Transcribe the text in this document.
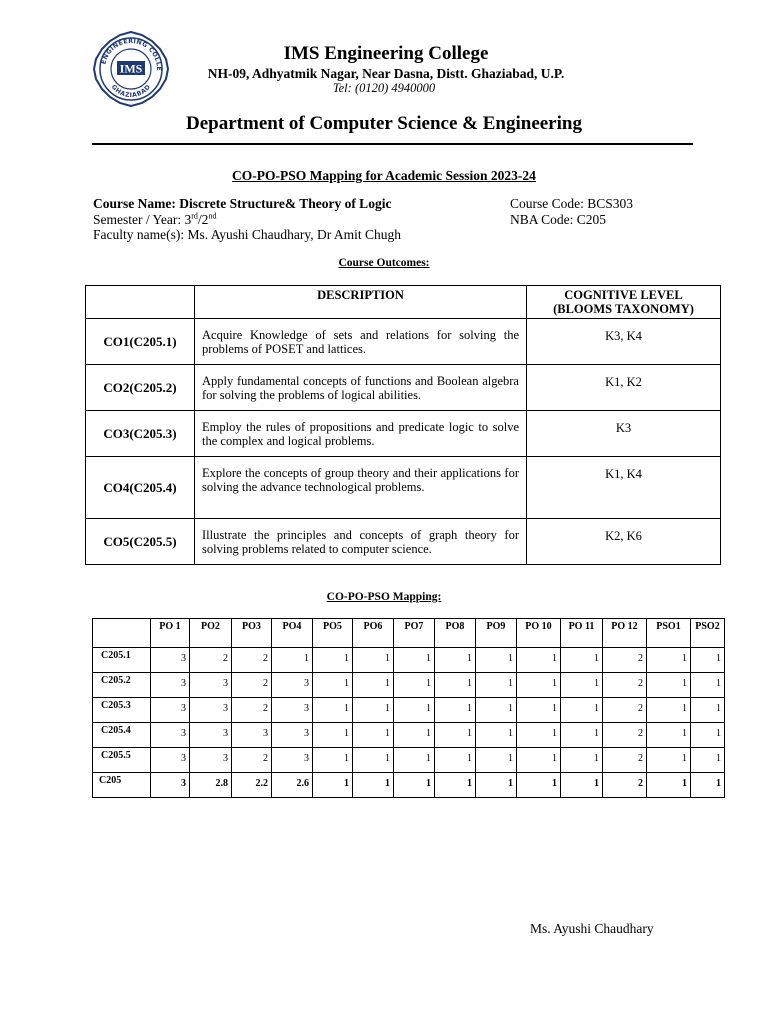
ENGINEERING COLLE
GHAZIABAD
IMS
IMS Engineering College
NH-09, Adhyatmik Nagar, Near Dasna, Distt. Ghaziabad, U.P.
Tel: (0120) 4940000
Department of Computer Science & Engineering
CO-PO-PSO Mapping for Academic Session 2023-24
Course Name: Discrete Structure& Theory of Logic
Semester / Year: 3rd/2nd
Faculty name(s): Ms. Ayushi Chaudhary, Dr Amit Chugh
Course Code: BCS303
NBA Code: C205
Course Outcomes:
	DESCRIPTION	COGNITIVE LEVEL
(BLOOMS TAXONOMY)

CO1(C205.1)	Acquire Knowledge of sets and relations for solving the problems of POSET and lattices.	K3, K4
CO2(C205.2)	Apply fundamental concepts of functions and Boolean algebra for solving the problems of logical abilities.	K1, K2
CO3(C205.3)	Employ the rules of propositions and predicate logic to solve the complex and logical problems.	K3
CO4(C205.4)	Explore the concepts of group theory and their applications for solving the advance technological problems.	K1, K4
CO5(C205.5)	Illustrate the principles and concepts of graph theory for solving problems related to computer science.	K2, K6
CO-PO-PSO Mapping:
	PO 1	PO2	PO3	PO4	PO5	PO6	PO7	PO8	PO9	PO 10	PO 11	PO 12	PSO1	PSO2
C205.1	3	2	2	1	1	1	1	1	1	1	1	2	1	1
C205.2	3	3	2	3	1	1	1	1	1	1	1	2	1	1
C205.3	3	3	2	3	1	1	1	1	1	1	1	2	1	1
C205.4	3	3	3	3	1	1	1	1	1	1	1	2	1	1
C205.5	3	3	2	3	1	1	1	1	1	1	1	2	1	1
C205	3	2.8	2.2	2.6	1	1	1	1	1	1	1	2	1	1
Ms. Ayushi Chaudhary
